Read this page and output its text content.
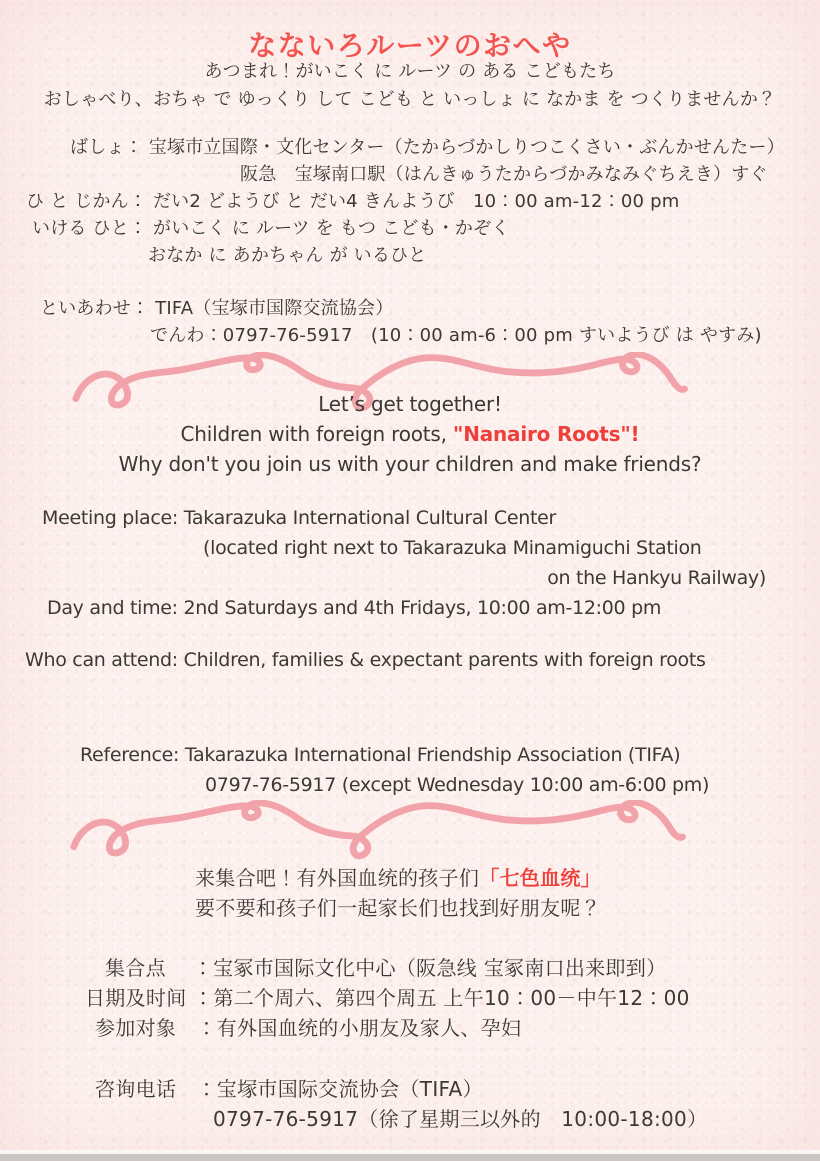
なないろルーツのおへや
あつまれ！がいこく に ルーツ の ある こどもたち
おしゃべり、おちゃ で ゆっくり して こども と いっしょ に なかま を つくりませんか？
ばしょ： 宝塚市立国際・文化センター（たからづかしりつこくさい・ぶんかせんたー）
阪急　宝塚南口駅（はんきゅうたからづかみなみぐちえき）すぐ
ひ と じかん： だい2 どようび と だい4 きんようび　10：00 am-12：00 pm
いける ひと： がいこく に ルーツ を もつ こども・かぞく
おなか に あかちゃん が いるひと
といあわせ： TIFA（宝塚市国際交流協会）
でんわ：0797-76-5917　(10：00 am-6：00 pm すいようび は やすみ)
Let’s get together!
Children with foreign roots, "Nanairo Roots"!
Why don't you join us with your children and make friends?
Meeting place: Takarazuka International Cultural Center
(located right next to Takarazuka Minamiguchi Station
on the Hankyu Railway)
Day and time: 2nd Saturdays and 4th Fridays, 10:00 am-12:00 pm
Who can attend: Children, families & expectant parents with foreign roots
Reference: Takarazuka International Friendship Association (TIFA)
0797-76-5917 (except Wednesday 10:00 am-6:00 pm)
来集合吧！有外国血统的孩子们「七色血统」
要不要和孩子们一起家长们也找到好朋友呢？
集合点　 ：宝冢市国际文化中心（阪急线 宝冢南口出来即到）
日期及时间 ：第二个周六、第四个周五 上午10：00－中午12：00
参加对象　：有外国血统的小朋友及家人、孕妇
咨询电话　：宝塚市国际交流协会（TIFA）
0797-76-5917（徐了星期三以外的　10:00-18:00）
